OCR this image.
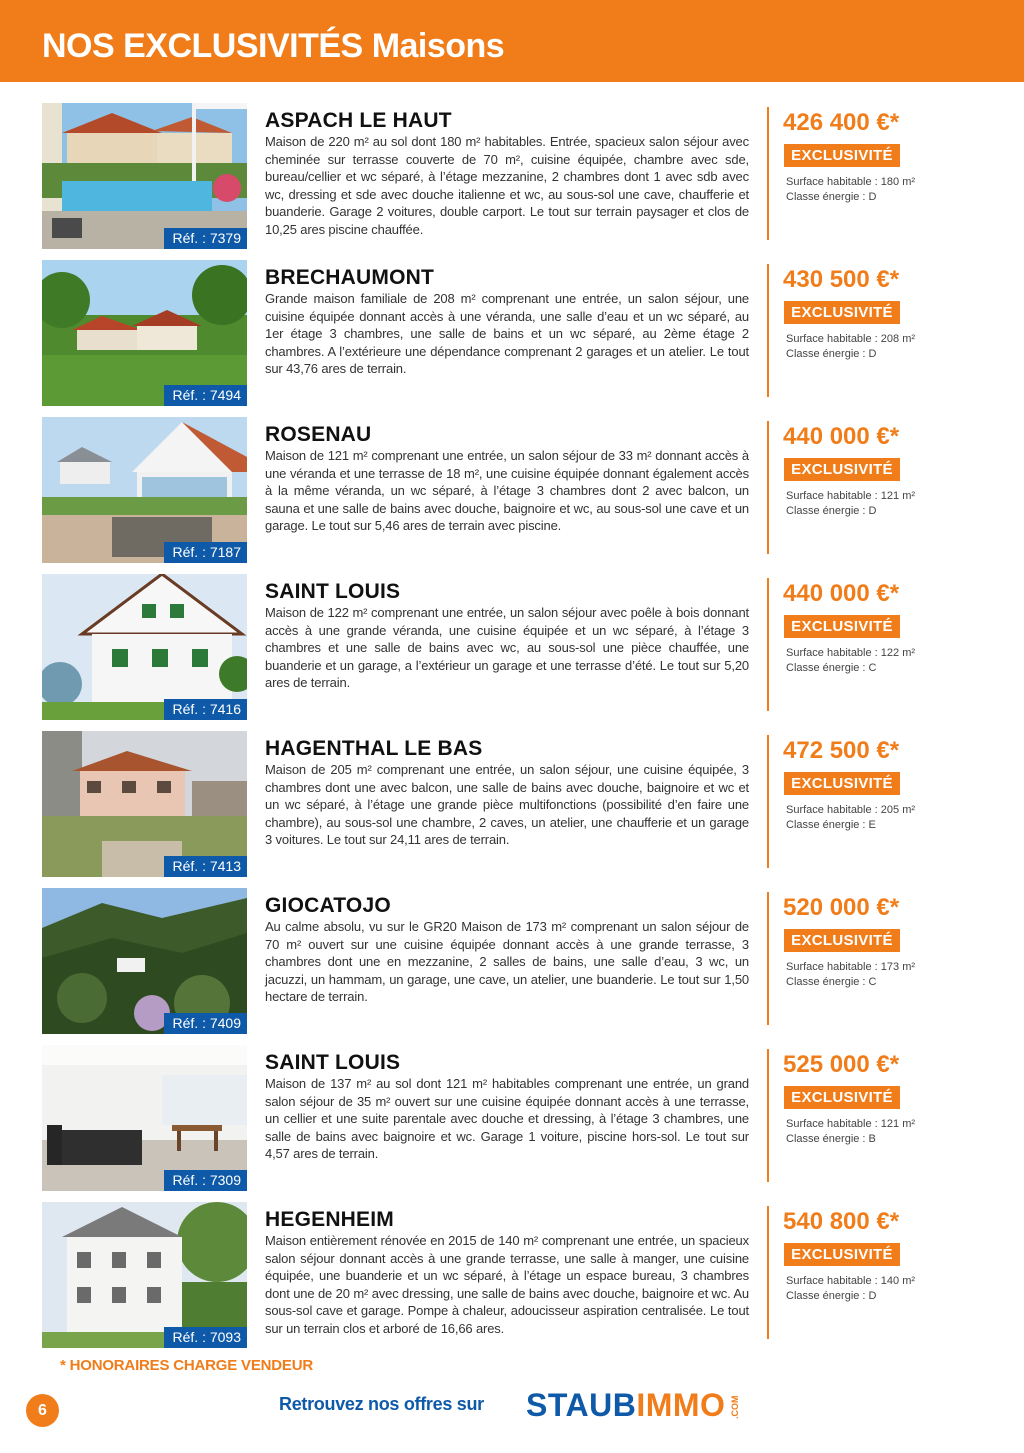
NOS EXCLUSIVITÉS Maisons
Réf. : 7379
ASPACH LE HAUT

Maison de 220 m² au sol dont 180 m² habitables. Entrée, spacieux salon séjour avec cheminée sur terrasse couverte de 70 m², cuisine équipée, chambre avec sde, bureau/cellier et wc séparé, à l’étage mezzanine, 2 chambres dont 1 avec sdb avec wc, dressing et sde avec douche italienne et wc, au sous-sol une cave, chaufferie et buanderie. Garage 2 voitures, double carport. Le tout sur terrain paysager et clos de 10,25 ares piscine chauffée.

426 400 €*
EXCLUSIVITÉ
Surface habitable : 180 m²
Classe énergie : D
Réf. : 7494
BRECHAUMONT

Grande maison familiale de 208 m² comprenant une entrée, un salon séjour, une cuisine équipée donnant accès à une véranda, une salle d’eau et un wc séparé, au 1er étage 3 chambres, une salle de bains et un wc séparé, au 2ème étage 2 chambres. A l’extérieure une dépendance comprenant 2 garages et un atelier. Le tout sur 43,76 ares de terrain.

430 500 €*
EXCLUSIVITÉ
Surface habitable : 208 m²
Classe énergie : D
Réf. : 7187
ROSENAU

Maison de 121 m² comprenant une entrée, un salon séjour de 33 m² donnant accès à une véranda et une terrasse de 18 m², une cuisine équipée donnant également accès à la même véranda, un wc séparé, à l’étage 3 chambres dont 2 avec balcon, un sauna et une salle de bains avec douche, baignoire et wc, au sous-sol une cave et un garage. Le tout sur 5,46 ares de terrain avec piscine.

440 000 €*
EXCLUSIVITÉ
Surface habitable : 121 m²
Classe énergie : D
Réf. : 7416
SAINT LOUIS

Maison de 122 m² comprenant une entrée, un salon séjour avec poêle à bois donnant accès à une grande véranda, une cuisine équipée et un wc séparé, à l’étage 3 chambres et une salle de bains avec wc, au sous-sol une pièce chauffée, une buanderie et un garage, a l’extérieur un garage et une terrasse d’été. Le tout sur 5,20 ares de terrain.

440 000 €*
EXCLUSIVITÉ
Surface habitable : 122 m²
Classe énergie : C
Réf. : 7413
HAGENTHAL LE BAS

Maison de 205 m² comprenant une entrée, un salon séjour, une cuisine équipée, 3 chambres dont une avec balcon, une salle de bains avec douche, baignoire et wc et un wc séparé, à l’étage une grande pièce multifonctions (possibilité d’en faire une chambre), au sous-sol une chambre, 2 caves, un atelier, une chaufferie et un garage 3 voitures. Le tout sur 24,11 ares de terrain.

472 500 €*
EXCLUSIVITÉ
Surface habitable : 205 m²
Classe énergie : E
Réf. : 7409
GIOCATOJO

Au calme absolu, vu sur le GR20 Maison de 173 m² comprenant un salon séjour de 70 m² ouvert sur une cuisine équipée donnant accès à une grande terrasse, 3 chambres dont une en mezzanine, 2 salles de bains, une salle d’eau, 3 wc, un jacuzzi, un hammam, un garage, une cave, un atelier, une buanderie. Le tout sur 1,50 hectare de terrain.

520 000 €*
EXCLUSIVITÉ
Surface habitable : 173 m²
Classe énergie : C
Réf. : 7309
SAINT LOUIS

Maison de 137 m² au sol dont 121 m² habitables comprenant une entrée, un grand salon séjour de 35 m² ouvert sur une cuisine équipée donnant accès à une terrasse, un cellier et une suite parentale avec douche et dressing, à l’étage 3 chambres, une salle de bains avec baignoire et wc. Garage 1 voiture, piscine hors-sol. Le tout sur 4,57 ares de terrain.

525 000 €*
EXCLUSIVITÉ
Surface habitable : 121 m²
Classe énergie : B
Réf. : 7093
HEGENHEIM

Maison entièrement rénovée en 2015 de 140 m² comprenant une entrée, un spacieux salon séjour donnant accès à une grande terrasse, une salle à manger, une cuisine équipée, une buanderie et un wc séparé, à l’étage un espace bureau, 3 chambres dont une de 20 m² avec dressing, une salle de bains avec douche, baignoire et wc. Au sous-sol cave et garage. Pompe à chaleur, adoucisseur aspiration centralisée. Le tout sur un terrain clos et arboré de 16,66 ares.

540 800 €*
EXCLUSIVITÉ
Surface habitable : 140 m²
Classe énergie : D
* HONORAIRES CHARGE VENDEUR
6	Retrouvez nos offres sur STAUBIMMO .COM
